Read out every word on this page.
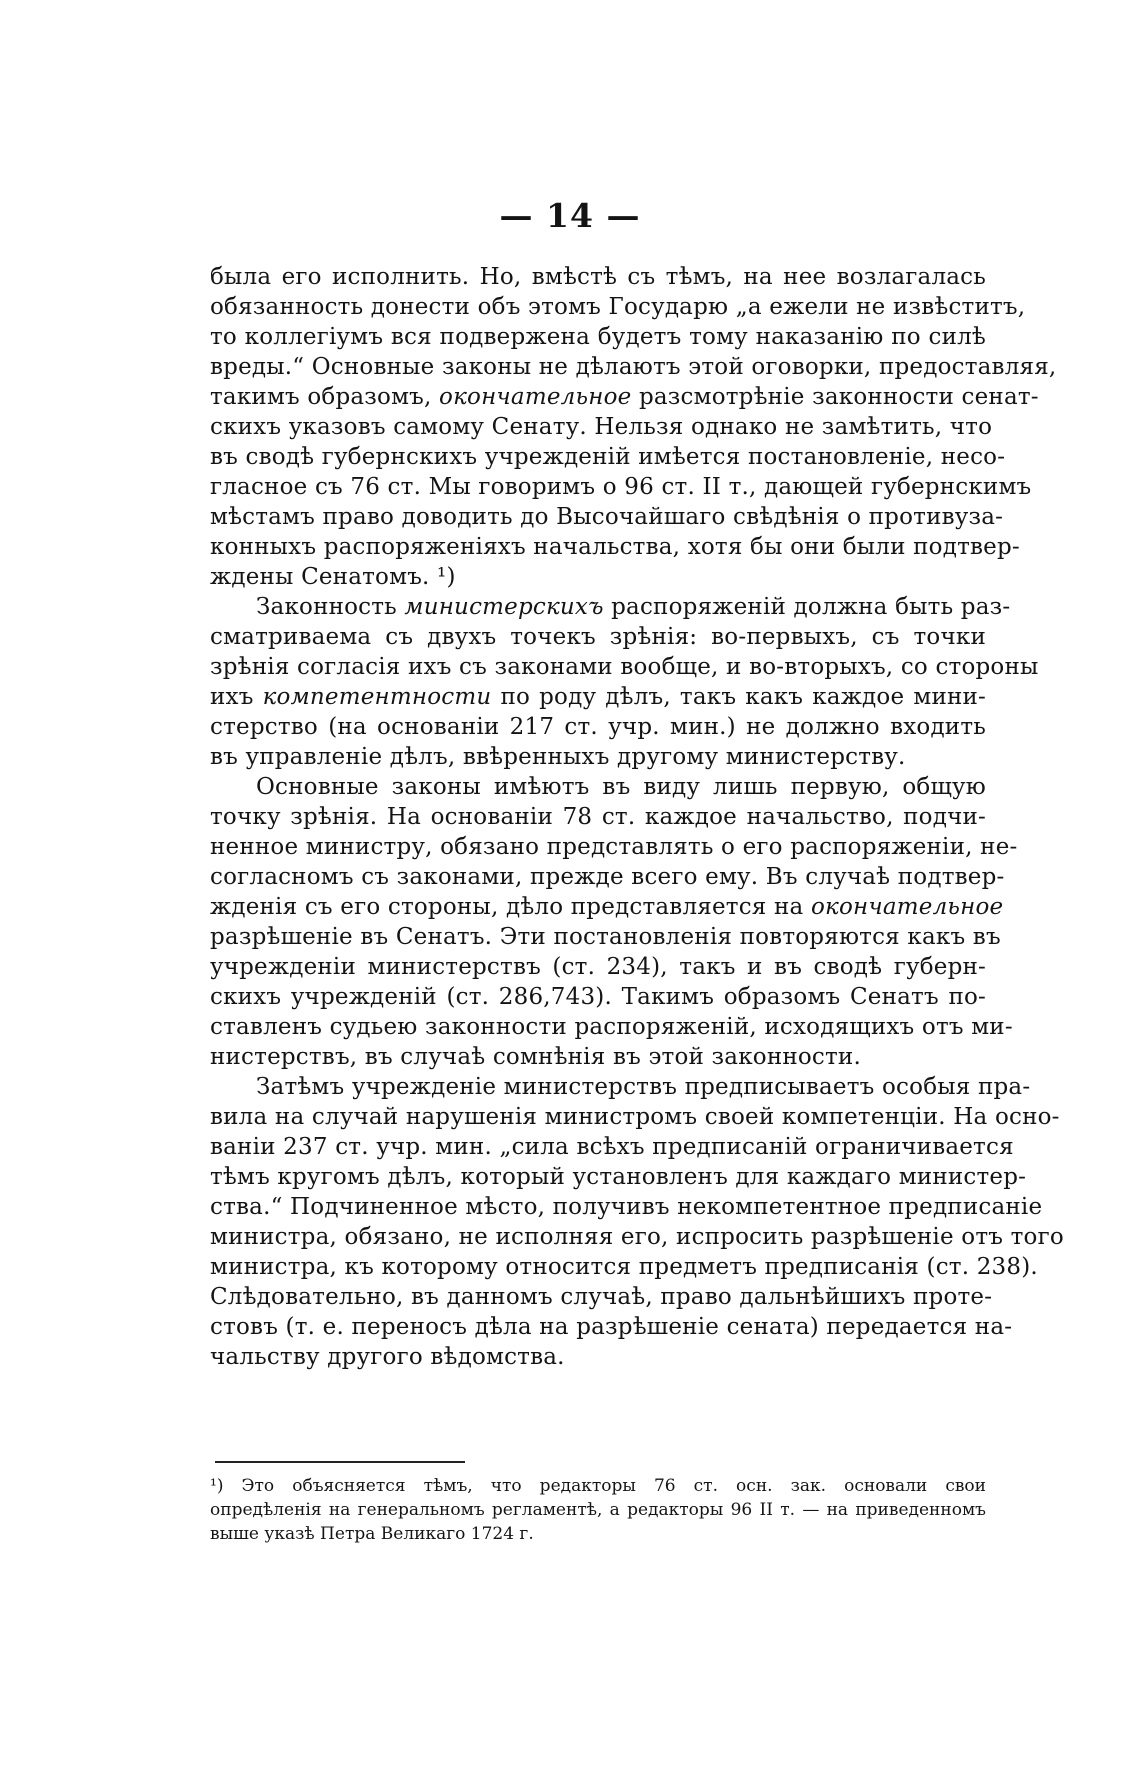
— 14 —
была его исполнить. Но, вмѣстѣ съ тѣмъ, на нее возлагалась
обязанность донести объ этомъ Государю „а ежели не извѣститъ,
то коллегіумъ вся подвержена будетъ тому наказанію по силѣ
вреды.“ Основные законы не дѣлаютъ этой оговорки, предоставляя,
такимъ образомъ, окончательное разсмотрѣніе законности сенат-
скихъ указовъ самому Сенату. Нельзя однако не замѣтить, что
въ сводѣ губернскихъ учрежденій имѣется постановленіе, несо-
гласное съ 76 ст. Мы говоримъ о 96 ст. II т., дающей губернскимъ
мѣстамъ право доводить до Высочайшаго свѣдѣнія о противуза-
конныхъ распоряженіяхъ начальства, хотя бы они были подтвер-
ждены Сенатомъ. ¹)
Законность министерскихъ распоряженій должна быть раз-
сматриваема съ двухъ точекъ зрѣнія: во-первыхъ, съ точки
зрѣнія согласія ихъ съ законами вообще, и во-вторыхъ, со стороны
ихъ компетентности по роду дѣлъ, такъ какъ каждое мини-
стерство (на основаніи 217 ст. учр. мин.) не должно входить
въ управленіе дѣлъ, ввѣренныхъ другому министерству.
Основные законы имѣютъ въ виду лишь первую, общую
точку зрѣнія. На основаніи 78 ст. каждое начальство, подчи-
ненное министру, обязано представлять о его распоряженіи, не-
согласномъ съ законами, прежде всего ему. Въ случаѣ подтвер-
жденія съ его стороны, дѣло представляется на окончательное
разрѣшеніе въ Сенатъ. Эти постановленія повторяются какъ въ
учрежденіи министерствъ (ст. 234), такъ и въ сводѣ губерн-
скихъ учрежденій (ст. 286,743). Такимъ образомъ Сенатъ по-
ставленъ судьею законности распоряженій, исходящихъ отъ ми-
нистерствъ, въ случаѣ сомнѣнія въ этой законности.
Затѣмъ учрежденіе министерствъ предписываетъ особыя пра-
вила на случай нарушенія министромъ своей компетенціи. На осно-
ваніи 237 ст. учр. мин. „сила всѣхъ предписаній ограничивается
тѣмъ кругомъ дѣлъ, который установленъ для каждаго министер-
ства.“ Подчиненное мѣсто, получивъ некомпетентное предписаніе
министра, обязано, не исполняя его, испросить разрѣшеніе отъ того
министра, къ которому относится предметъ предписанія (ст. 238).
Слѣдовательно, въ данномъ случаѣ, право дальнѣйшихъ проте-
стовъ (т. е. переносъ дѣла на разрѣшеніе сената) передается на-
чальству другого вѣдомства.
¹) Это объясняется тѣмъ, что редакторы 76 ст. осн. зак. основали свои
опредѣленія на генеральномъ регламентѣ, а редакторы 96 II т. — на приведенномъ
выше указѣ Петра Великаго 1724 г.
